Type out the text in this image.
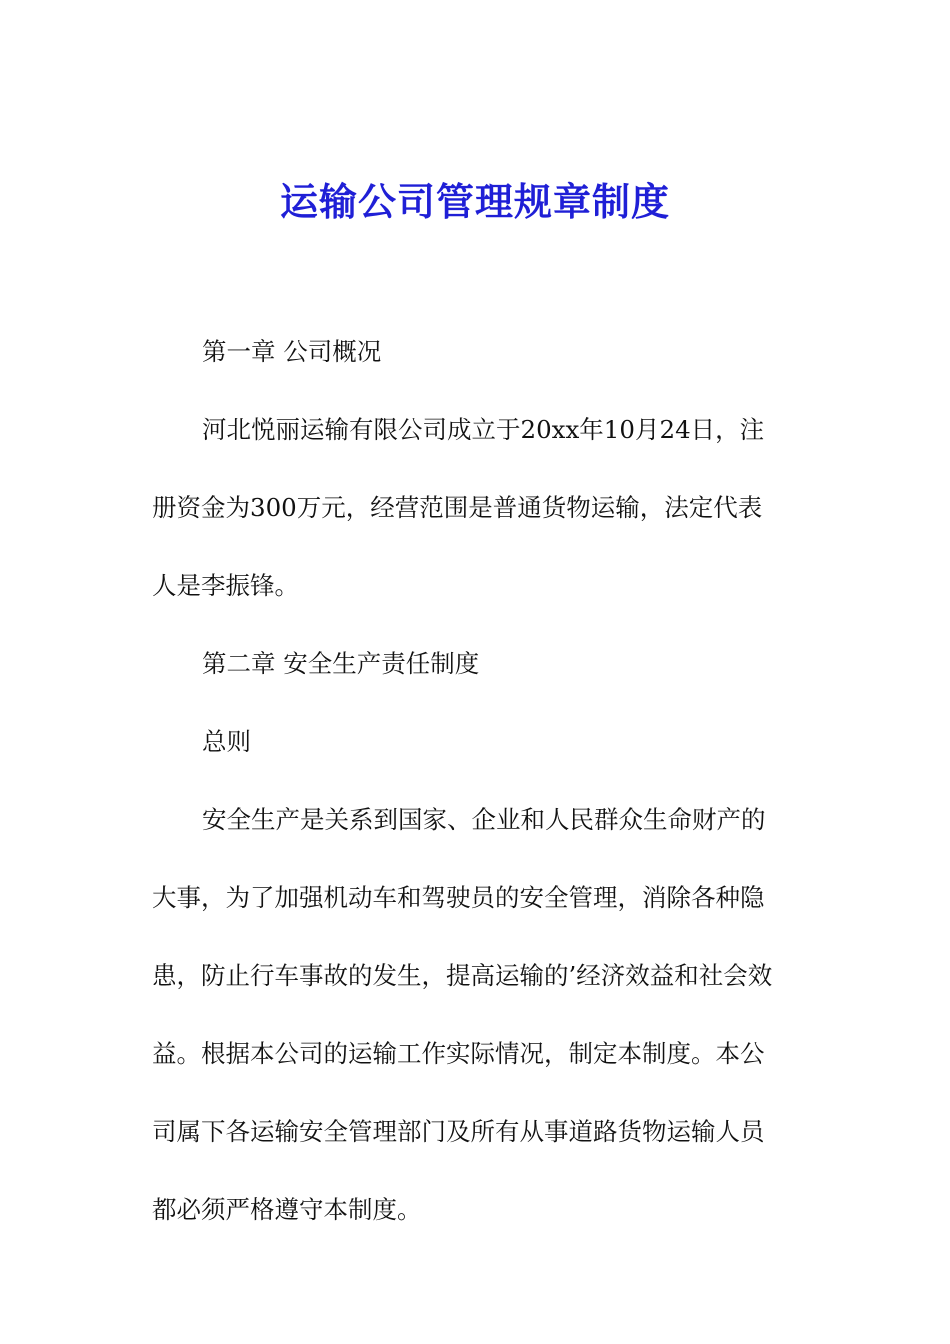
运输公司管理规章制度

第一章 公司概况

河北悦丽运输有限公司成立于20xx年10月24日，注

册资金为300万元，经营范围是普通货物运输，法定代表

人是李振锋。

第二章 安全生产责任制度

总则

安全生产是关系到国家、企业和人民群众生命财产的

大事，为了加强机动车和驾驶员的安全管理，消除各种隐

患，防止行车事故的发生，提高运输的’经济效益和社会效

益。根据本公司的运输工作实际情况，制定本制度。本公

司属下各运输安全管理部门及所有从事道路货物运输人员

都必须严格遵守本制度。
